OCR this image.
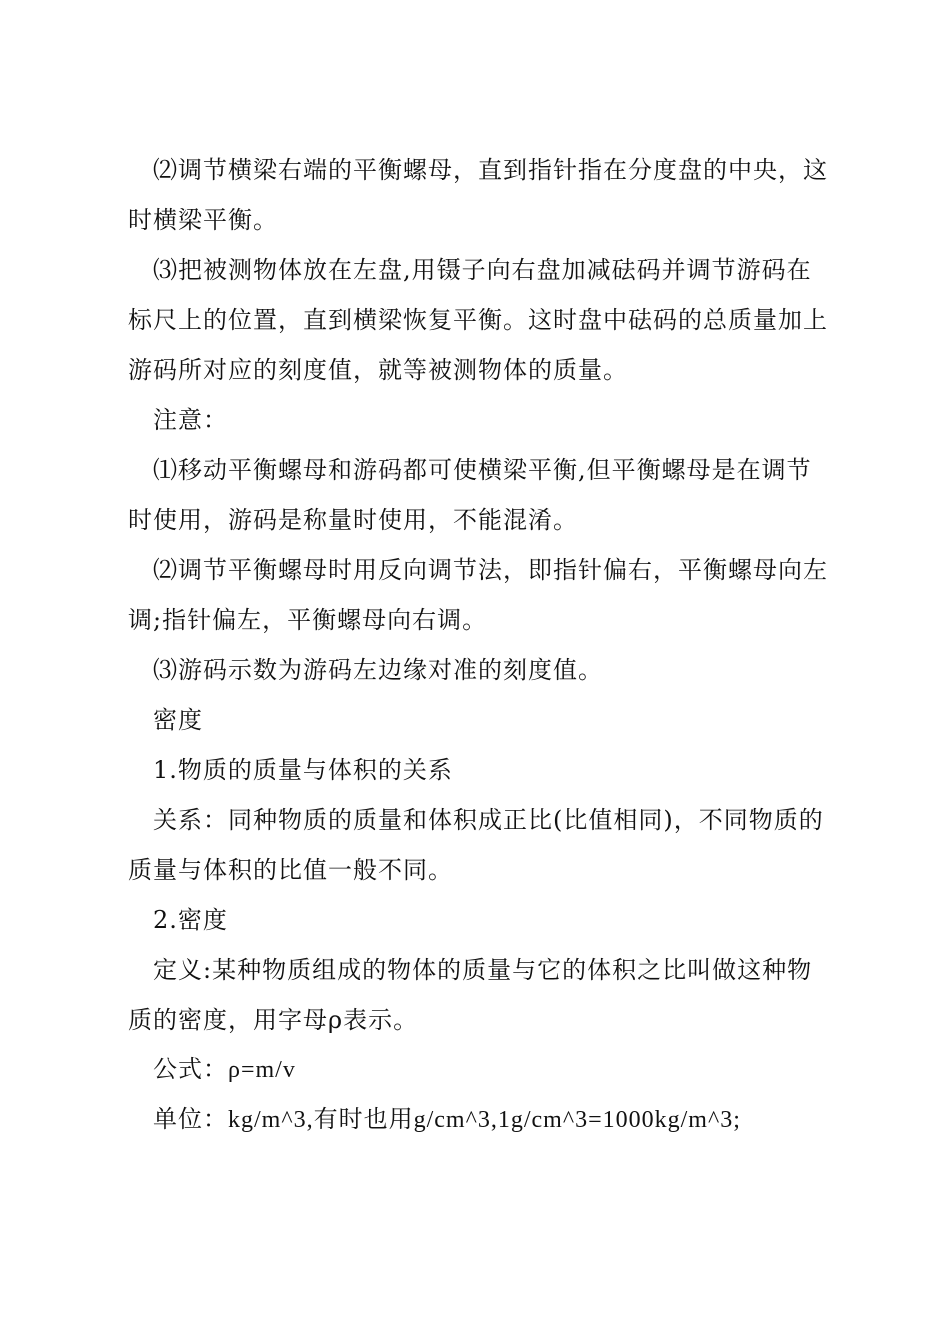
⑵调节横梁右端的平衡螺母，直到指针指在分度盘的中央，这时横梁平衡。

⑶把被测物体放在左盘,用镊子向右盘加减砝码并调节游码在标尺上的位置，直到横梁恢复平衡。这时盘中砝码的总质量加上游码所对应的刻度值，就等被测物体的质量。

注意：

⑴移动平衡螺母和游码都可使横梁平衡,但平衡螺母是在调节时使用，游码是称量时使用，不能混淆。

⑵调节平衡螺母时用反向调节法，即指针偏右，平衡螺母向左调;指针偏左，平衡螺母向右调。

⑶游码示数为游码左边缘对准的刻度值。

密度

1.物质的质量与体积的关系

关系：同种物质的质量和体积成正比(比值相同)，不同物质的质量与体积的比值一般不同。

2.密度

定义:某种物质组成的物体的质量与它的体积之比叫做这种物质的密度，用字母ρ表示。

公式：ρ=m/v

单位：kg/m^3,有时也用g/cm^3,1g/cm^3=1000kg/m^3;
